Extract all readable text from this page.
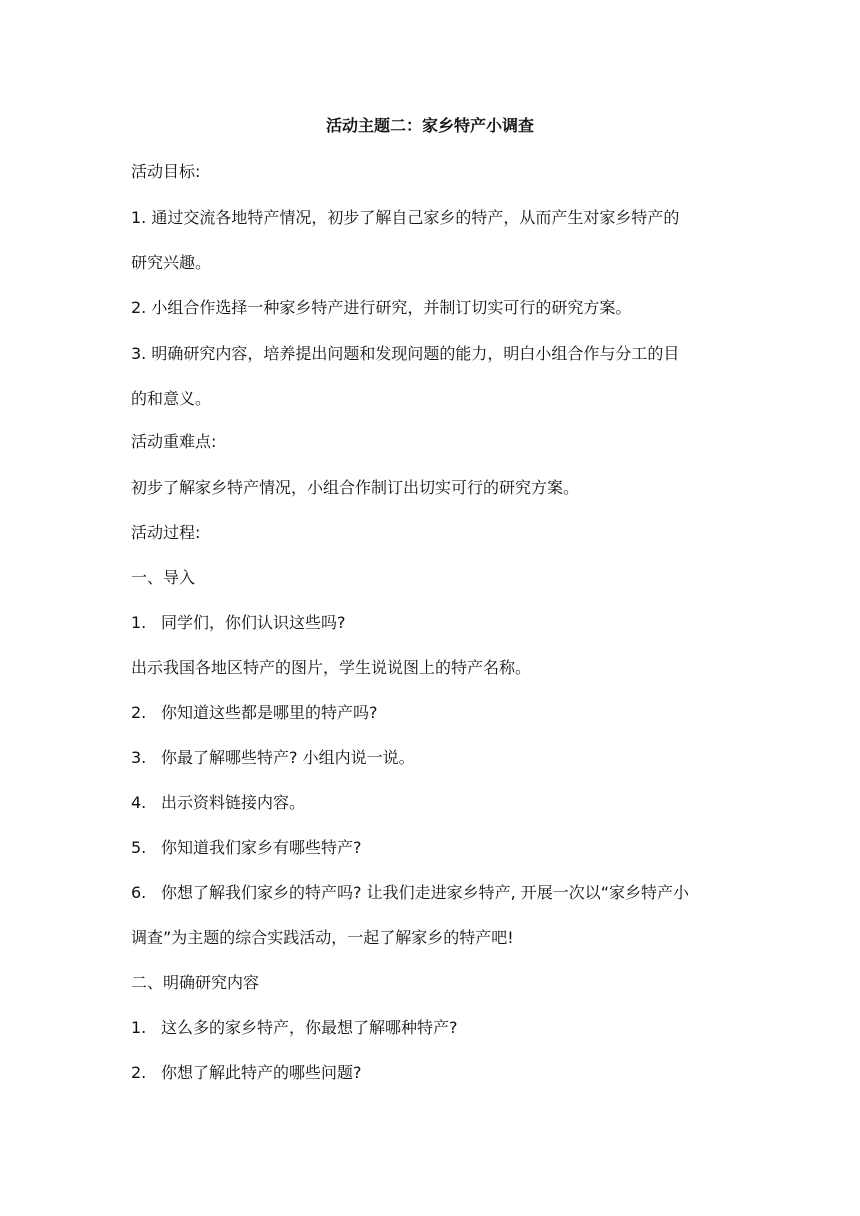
活动主题二：家乡特产小调查
活动目标:
1. 通过交流各地特产情况，初步了解自己家乡的特产，从而产生对家乡特产的
研究兴趣。
2. 小组合作选择一种家乡特产进行研究，并制订切实可行的研究方案。
3. 明确研究内容，培养提出问题和发现问题的能力，明白小组合作与分工的目
的和意义。
活动重难点:
初步了解家乡特产情况，小组合作制订出切实可行的研究方案。
活动过程:
一、导入
1. 同学们，你们认识这些吗?
出示我国各地区特产的图片，学生说说图上的特产名称。
2. 你知道这些都是哪里的特产吗?
3. 你最了解哪些特产? 小组内说一说。
4. 出示资料链接内容。
5. 你知道我们家乡有哪些特产?
6. 你想了解我们家乡的特产吗? 让我们走进家乡特产, 开展一次以“家乡特产小
调查”为主题的综合实践活动，一起了解家乡的特产吧!
二、明确研究内容
1. 这么多的家乡特产，你最想了解哪种特产?
2. 你想了解此特产的哪些问题?
